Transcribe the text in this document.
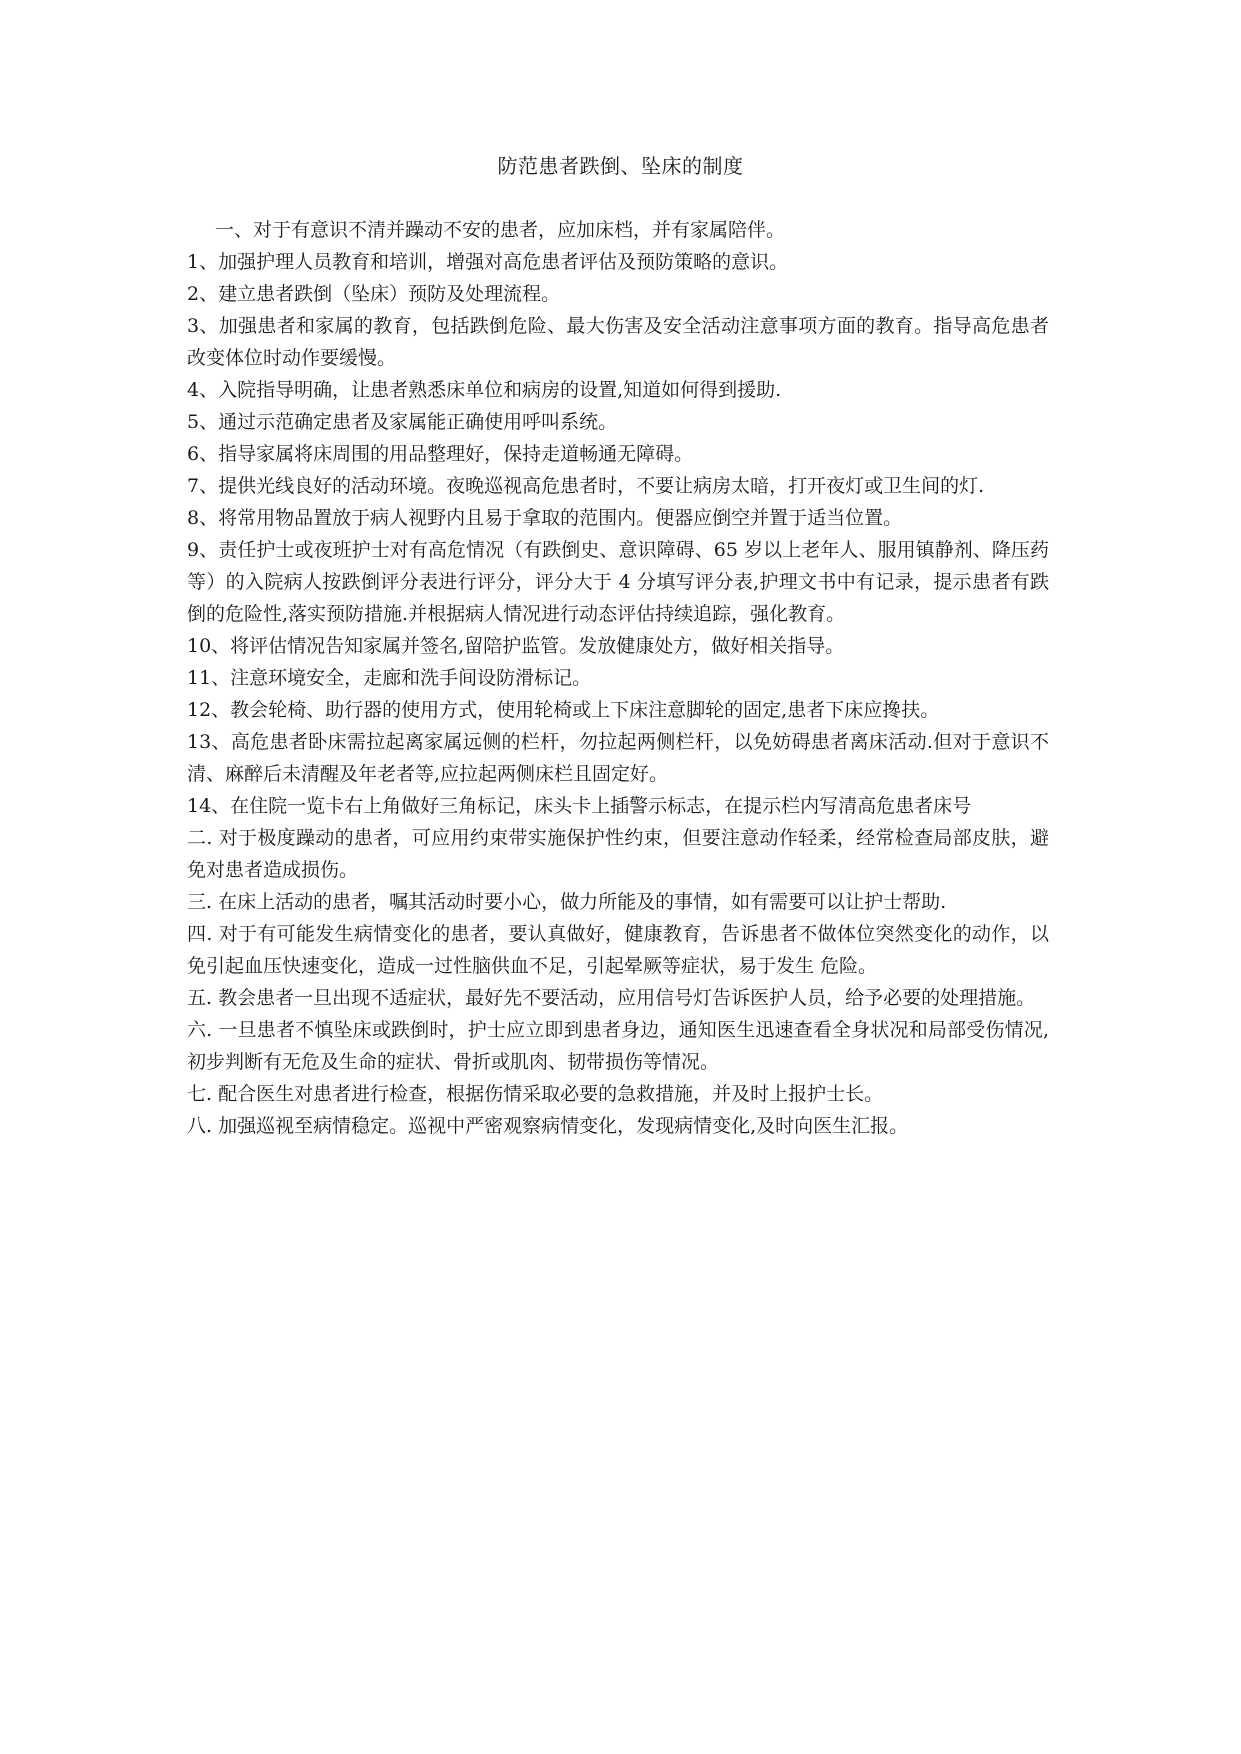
防范患者跌倒、坠床的制度

一、对于有意识不清并躁动不安的患者，应加床档，并有家属陪伴。

1、加强护理人员教育和培训，增强对高危患者评估及预防策略的意识。

2、建立患者跌倒（坠床）预防及处理流程。

3、加强患者和家属的教育，包括跌倒危险、最大伤害及安全活动注意事项方面的教育。指导高危患者改变体位时动作要缓慢。

4、入院指导明确，让患者熟悉床单位和病房的设置,知道如何得到援助.

5、通过示范确定患者及家属能正确使用呼叫系统。

6、指导家属将床周围的用品整理好，保持走道畅通无障碍。

7、提供光线良好的活动环境。夜晚巡视高危患者时，不要让病房太暗，打开夜灯或卫生间的灯.

8、将常用物品置放于病人视野内且易于拿取的范围内。便器应倒空并置于适当位置。

9、责任护士或夜班护士对有高危情况（有跌倒史、意识障碍、65 岁以上老年人、服用镇静剂、降压药等）的入院病人按跌倒评分表进行评分，评分大于 4 分填写评分表,护理文书中有记录，提示患者有跌倒的危险性,落实预防措施.并根据病人情况进行动态评估持续追踪，强化教育。

10、将评估情况告知家属并签名,留陪护监管。发放健康处方，做好相关指导。

11、注意环境安全，走廊和洗手间设防滑标记。

12、教会轮椅、助行器的使用方式，使用轮椅或上下床注意脚轮的固定,患者下床应搀扶。

13、高危患者卧床需拉起离家属远侧的栏杆，勿拉起两侧栏杆，以免妨碍患者离床活动.但对于意识不清、麻醉后未清醒及年老者等,应拉起两侧床栏且固定好。

14、在住院一览卡右上角做好三角标记，床头卡上插警示标志，在提示栏内写清高危患者床号

二. 对于极度躁动的患者，可应用约束带实施保护性约束，但要注意动作轻柔，经常检查局部皮肤，避免对患者造成损伤。

三. 在床上活动的患者，嘱其活动时要小心，做力所能及的事情，如有需要可以让护士帮助.

四. 对于有可能发生病情变化的患者，要认真做好，健康教育，告诉患者不做体位突然变化的动作，以免引起血压快速变化，造成一过性脑供血不足，引起晕厥等症状，易于发生 危险。

五. 教会患者一旦出现不适症状，最好先不要活动，应用信号灯告诉医护人员，给予必要的处理措施。

六. 一旦患者不慎坠床或跌倒时，护士应立即到患者身边，通知医生迅速查看全身状况和局部受伤情况,初步判断有无危及生命的症状、骨折或肌肉、韧带损伤等情况。

七. 配合医生对患者进行检查，根据伤情采取必要的急救措施，并及时上报护士长。

八. 加强巡视至病情稳定。巡视中严密观察病情变化，发现病情变化,及时向医生汇报。
